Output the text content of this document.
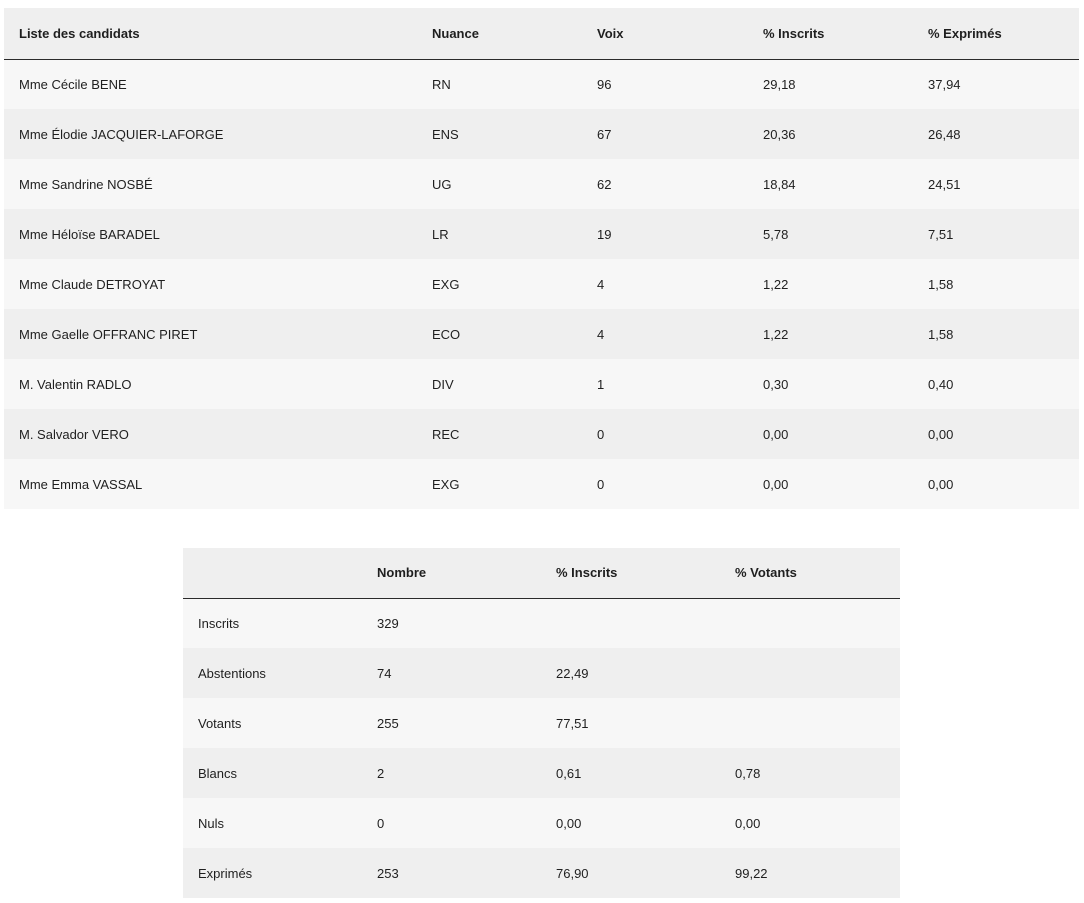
Liste des candidats	Nuance	Voix	% Inscrits	% Exprimés
Mme Cécile BENE	RN	96	29,18	37,94
Mme Élodie JACQUIER-LAFORGE	ENS	67	20,36	26,48
Mme Sandrine NOSBÉ	UG	62	18,84	24,51
Mme Héloïse BARADEL	LR	19	5,78	7,51
Mme Claude DETROYAT	EXG	4	1,22	1,58
Mme Gaelle OFFRANC PIRET	ECO	4	1,22	1,58
M. Valentin RADLO	DIV	1	0,30	0,40
M. Salvador VERO	REC	0	0,00	0,00
Mme Emma VASSAL	EXG	0	0,00	0,00
	Nombre	% Inscrits	% Votants
Inscrits	329		
Abstentions	74	22,49	
Votants	255	77,51	
Blancs	2	0,61	0,78
Nuls	0	0,00	0,00
Exprimés	253	76,90	99,22
